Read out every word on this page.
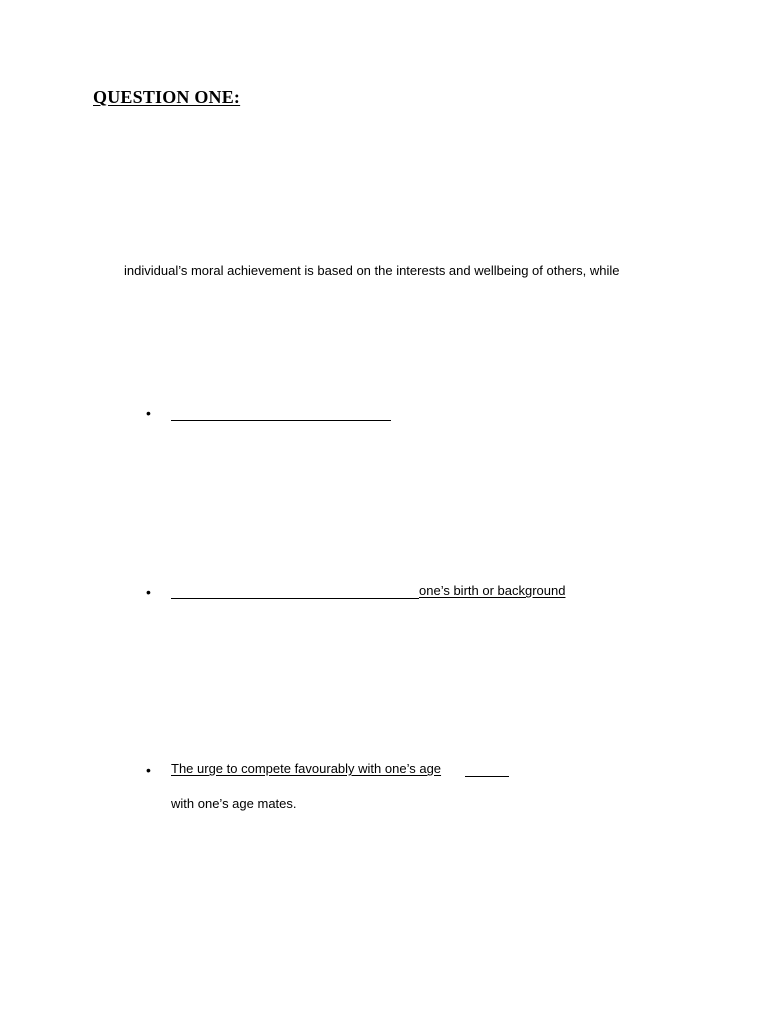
QUESTION ONE:
individual’s moral achievement is based on the interests and wellbeing of others, while
•
•	one’s birth or background
• The urge to compete favourably with one’s age
with one’s age mates.
